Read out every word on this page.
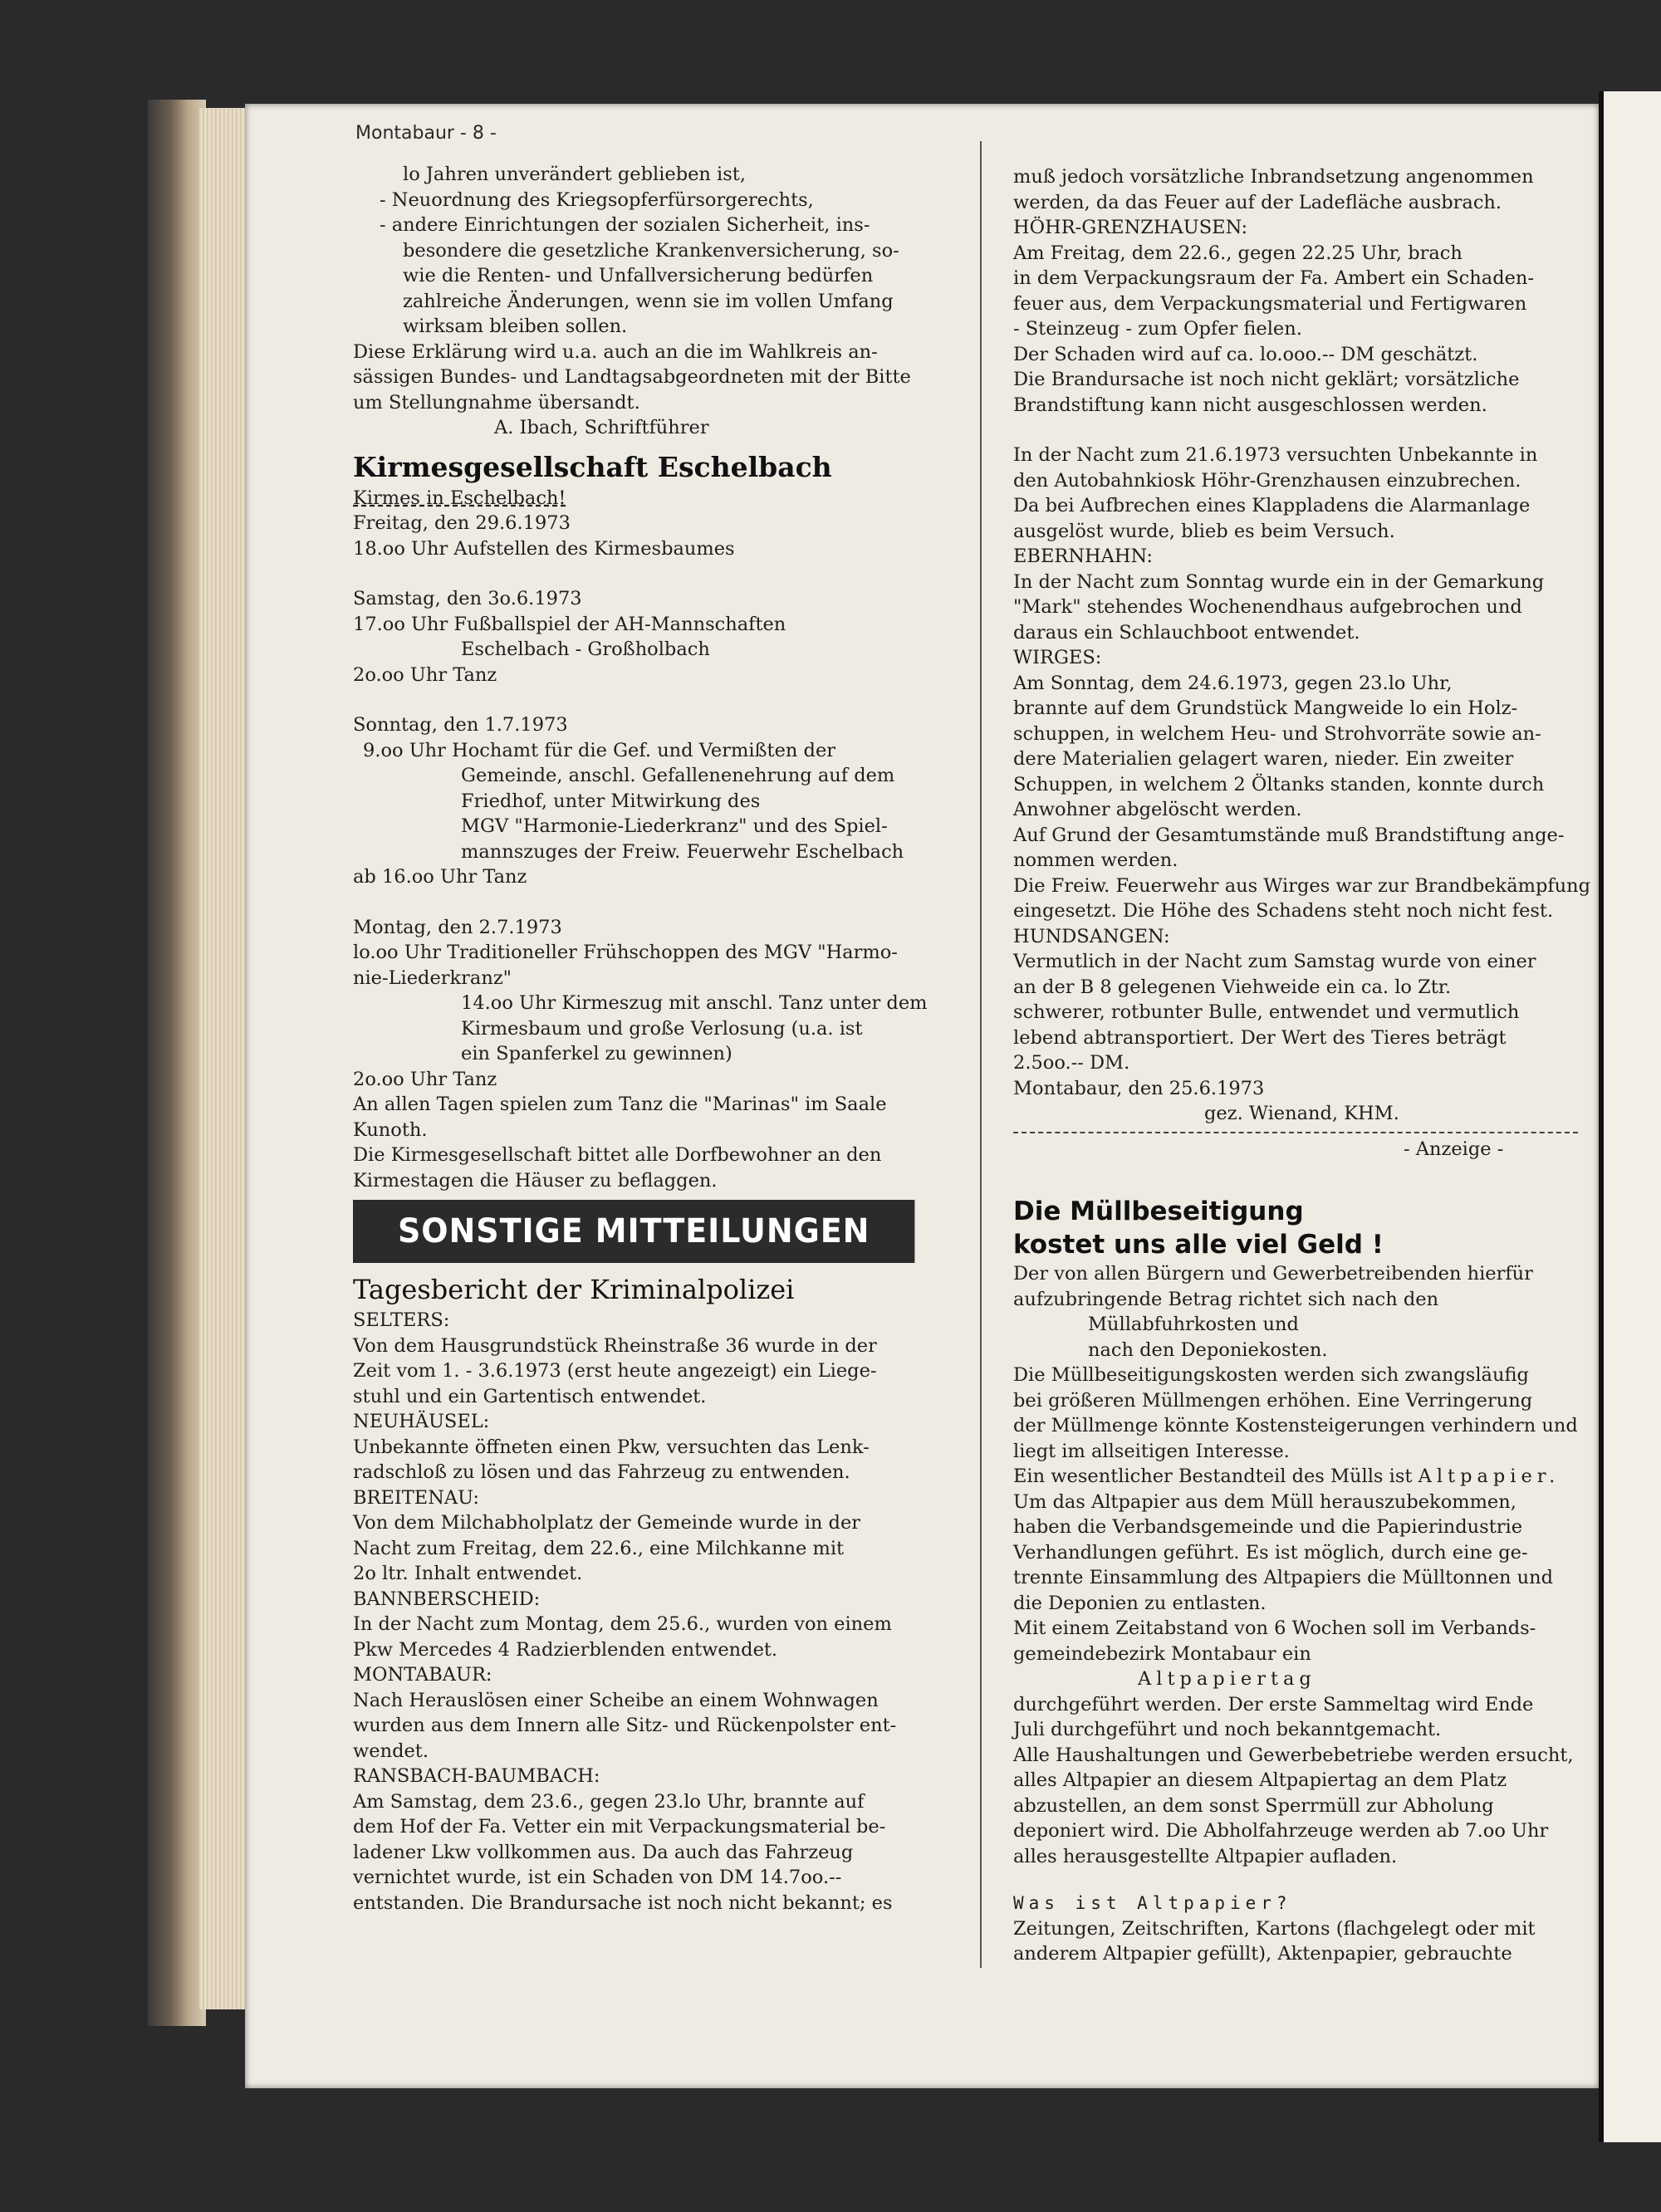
Montabaur - 8 -

lo Jahren unverändert geblieben ist,

- Neuordnung des Kriegsopferfürsorgerechts,

- andere Einrichtungen der sozialen Sicherheit, ins-

besondere die gesetzliche Krankenversicherung, so-

wie die Renten- und Unfallversicherung bedürfen

zahlreiche Änderungen, wenn sie im vollen Umfang

wirksam bleiben sollen.

Diese Erklärung wird u.a. auch an die im Wahlkreis an-

sässigen Bundes- und Landtagsabgeordneten mit der Bitte

um Stellungnahme übersandt.

A. Ibach, Schriftführer

Kirmesgesellschaft Eschelbach

Kirmes in Eschelbach!

Freitag, den 29.6.1973

18.oo Uhr Aufstellen des Kirmesbaumes

Samstag, den 3o.6.1973

17.oo Uhr Fußballspiel der AH-Mannschaften

Eschelbach - Großholbach

2o.oo Uhr Tanz

Sonntag, den 1.7.1973

9.oo Uhr Hochamt für die Gef. und Vermißten der

Gemeinde, anschl. Gefallenenehrung auf dem

Friedhof, unter Mitwirkung des

MGV "Harmonie-Liederkranz" und des Spiel-

mannszuges der Freiw. Feuerwehr Eschelbach

ab 16.oo Uhr Tanz

Montag, den 2.7.1973

lo.oo Uhr Traditioneller Frühschoppen des MGV "Harmo-

nie-Liederkranz"

14.oo Uhr Kirmeszug mit anschl. Tanz unter dem

Kirmesbaum und große Verlosung (u.a. ist

ein Spanferkel zu gewinnen)

2o.oo Uhr Tanz

An allen Tagen spielen zum Tanz die "Marinas" im Saale

Kunoth.

Die Kirmesgesellschaft bittet alle Dorfbewohner an den

Kirmestagen die Häuser zu beflaggen.

SONSTIGE MITTEILUNGEN
Tagesbericht der Kriminalpolizei

SELTERS:

Von dem Hausgrundstück Rheinstraße 36 wurde in der

Zeit vom 1. - 3.6.1973 (erst heute angezeigt) ein Liege-

stuhl und ein Gartentisch entwendet.

NEUHÄUSEL:

Unbekannte öffneten einen Pkw, versuchten das Lenk-

radschloß zu lösen und das Fahrzeug zu entwenden.

BREITENAU:

Von dem Milchabholplatz der Gemeinde wurde in der

Nacht zum Freitag, dem 22.6., eine Milchkanne mit

2o ltr. Inhalt entwendet.

BANNBERSCHEID:

In der Nacht zum Montag, dem 25.6., wurden von einem

Pkw Mercedes 4 Radzierblenden entwendet.

MONTABAUR:

Nach Herauslösen einer Scheibe an einem Wohnwagen

wurden aus dem Innern alle Sitz- und Rückenpolster ent-

wendet.

RANSBACH-BAUMBACH:

Am Samstag, dem 23.6., gegen 23.lo Uhr, brannte auf

dem Hof der Fa. Vetter ein mit Verpackungsmaterial be-

ladener Lkw vollkommen aus. Da auch das Fahrzeug

vernichtet wurde, ist ein Schaden von DM 14.7oo.--

entstanden. Die Brandursache ist noch nicht bekannt; es

muß jedoch vorsätzliche Inbrandsetzung angenommen

werden, da das Feuer auf der Ladefläche ausbrach.

HÖHR-GRENZHAUSEN:

Am Freitag, dem 22.6., gegen 22.25 Uhr, brach

in dem Verpackungsraum der Fa. Ambert ein Schaden-

feuer aus, dem Verpackungsmaterial und Fertigwaren

- Steinzeug - zum Opfer fielen.

Der Schaden wird auf ca. lo.ooo.-- DM geschätzt.

Die Brandursache ist noch nicht geklärt; vorsätzliche

Brandstiftung kann nicht ausgeschlossen werden.

In der Nacht zum 21.6.1973 versuchten Unbekannte in

den Autobahnkiosk Höhr-Grenzhausen einzubrechen.

Da bei Aufbrechen eines Klappladens die Alarmanlage

ausgelöst wurde, blieb es beim Versuch.

EBERNHAHN:

In der Nacht zum Sonntag wurde ein in der Gemarkung

"Mark" stehendes Wochenendhaus aufgebrochen und

daraus ein Schlauchboot entwendet.

WIRGES:

Am Sonntag, dem 24.6.1973, gegen 23.lo Uhr,

brannte auf dem Grundstück Mangweide lo ein Holz-

schuppen, in welchem Heu- und Strohvorräte sowie an-

dere Materialien gelagert waren, nieder. Ein zweiter

Schuppen, in welchem 2 Öltanks standen, konnte durch

Anwohner abgelöscht werden.

Auf Grund der Gesamtumstände muß Brandstiftung ange-

nommen werden.

Die Freiw. Feuerwehr aus Wirges war zur Brandbekämpfung

eingesetzt. Die Höhe des Schadens steht noch nicht fest.

HUNDSANGEN:

Vermutlich in der Nacht zum Samstag wurde von einer

an der B 8 gelegenen Viehweide ein ca. lo Ztr.

schwerer, rotbunter Bulle, entwendet und vermutlich

lebend abtransportiert. Der Wert des Tieres beträgt

2.5oo.-- DM.

Montabaur, den 25.6.1973

gez. Wienand, KHM.

- Anzeige -

Die Müllbeseitigung
kostet uns alle viel Geld !

Der von allen Bürgern und Gewerbetreibenden hierfür

aufzubringende Betrag richtet sich nach den

Müllabfuhrkosten und

nach den Deponiekosten.

Die Müllbeseitigungskosten werden sich zwangsläufig

bei größeren Müllmengen erhöhen. Eine Verringerung

der Müllmenge könnte Kostensteigerungen verhindern und

liegt im allseitigen Interesse.

Ein wesentlicher Bestandteil des Mülls ist Altpapier.

Um das Altpapier aus dem Müll herauszubekommen,

haben die Verbandsgemeinde und die Papierindustrie

Verhandlungen geführt. Es ist möglich, durch eine ge-

trennte Einsammlung des Altpapiers die Mülltonnen und

die Deponien zu entlasten.

Mit einem Zeitabstand von 6 Wochen soll im Verbands-

gemeindebezirk Montabaur ein

Altpapiertag

durchgeführt werden. Der erste Sammeltag wird Ende

Juli durchgeführt und noch bekanntgemacht.

Alle Haushaltungen und Gewerbebetriebe werden ersucht,

alles Altpapier an diesem Altpapiertag an dem Platz

abzustellen, an dem sonst Sperrmüll zur Abholung

deponiert wird. Die Abholfahrzeuge werden ab 7.oo Uhr

alles herausgestellte Altpapier aufladen.

Was ist Altpapier?

Zeitungen, Zeitschriften, Kartons (flachgelegt oder mit

anderem Altpapier gefüllt), Aktenpapier, gebrauchte
